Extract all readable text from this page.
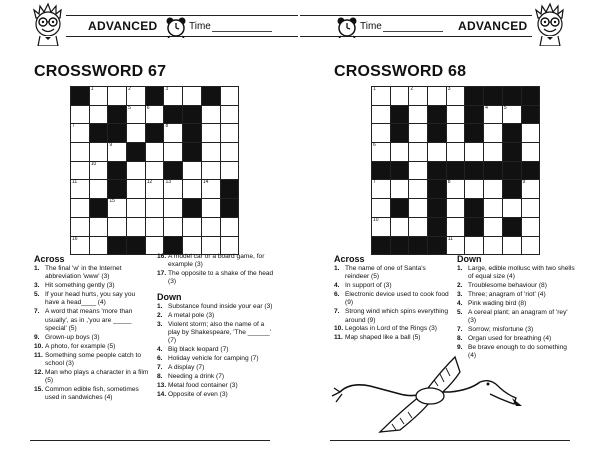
ADVANCED	Time
CROSSWORD 67
1	2	3	4
5	6
7	8
9
10
11	12	13	14
15
16	17
Across
1. The final 'w' in the Internet abbreviation 'www' (3)
3. Hit something gently (3)
5. If your head hurts, you say you have a head____ (4)
7. A word that means 'more than usually', as in ,'you are _____ special' (5)
9. Grown-up boys (3)
10. A photo, for example (5)
11. Something some people catch to school (3)
12. Man who plays a character in a film (5)
15. Common edible fish, sometimes used in sandwiches (4)
16. A model car or a board game, for example (3)
17. The opposite to a shake of the head (3)
Down
1. Substance found inside your ear (3)
2. A metal pole (3)
3. Violent storm; also the name of a play by Shakespeare, 'The ______' (7)
4. Big black leopard (7)
6. Holiday vehicle for camping (7)
7. A display (7)
8. Needing a drink (7)
13. Metal food container (3)
14. Opposite of even (3)
Time	ADVANCED
CROSSWORD 68
1	2	3
4	5
6
7	8	9
10
11
Across
1. The name of one of Santa's reindeer (5)
4. In support of (3)
6. Electronic device used to cook food (9)
7. Strong wind which spins everything around (9)
10. Legolas in Lord of the Rings (3)
11. Map shaped like a ball (5)
Down
1. Large, edible mollusc with two shells of equal size (4)
2. Troublesome behaviour (8)
3. Three; anagram of 'riot' (4)
4. Pink wading bird (8)
5. A cereal plant; an anagram of 'rey' (3)
7. Sorrow; misfortune (3)
8. Organ used for breathing (4)
9. Be brave enough to do something (4)
